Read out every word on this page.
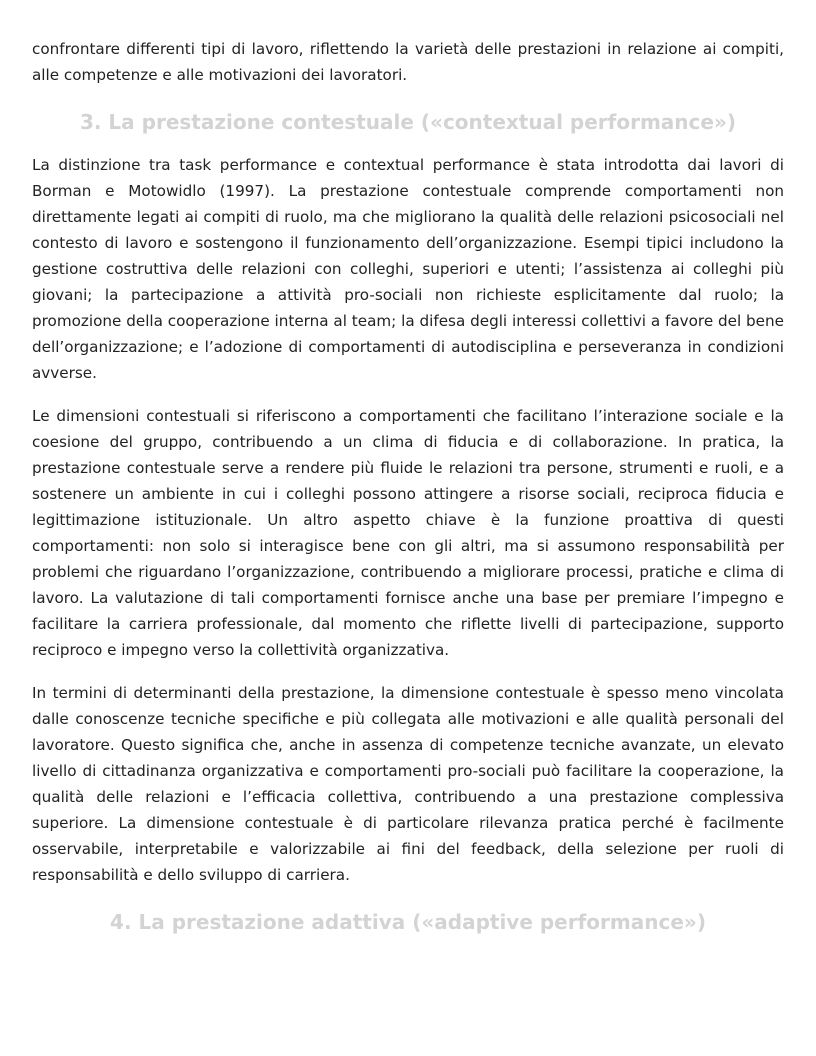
confrontare differenti tipi di lavoro, riflettendo la varietà delle prestazioni in relazione ai compiti, alle competenze e alle motivazioni dei lavoratori.

3. La prestazione contestuale («contextual performance»)

La distinzione tra task performance e contextual performance è stata introdotta dai lavori di Borman e Motowidlo (1997). La prestazione contestuale comprende comportamenti non direttamente legati ai compiti di ruolo, ma che migliorano la qualità delle relazioni psicosociali nel contesto di lavoro e sostengono il funzionamento dell’organizzazione. Esempi tipici includono la gestione costruttiva delle relazioni con colleghi, superiori e utenti; l’assistenza ai colleghi più giovani; la partecipazione a attività pro-sociali non richieste esplicitamente dal ruolo; la promozione della cooperazione interna al team; la difesa degli interessi collettivi a favore del bene dell’organizzazione; e l’adozione di comportamenti di autodisciplina e perseveranza in condizioni avverse.

Le dimensioni contestuali si riferiscono a comportamenti che facilitano l’interazione sociale e la coesione del gruppo, contribuendo a un clima di fiducia e di collaborazione. In pratica, la prestazione contestuale serve a rendere più fluide le relazioni tra persone, strumenti e ruoli, e a sostenere un ambiente in cui i colleghi possono attingere a risorse sociali, reciproca fiducia e legittimazione istituzionale. Un altro aspetto chiave è la funzione proattiva di questi comportamenti: non solo si interagisce bene con gli altri, ma si assumono responsabilità per problemi che riguardano l’organizzazione, contribuendo a migliorare processi, pratiche e clima di lavoro. La valutazione di tali comportamenti fornisce anche una base per premiare l’impegno e facilitare la carriera professionale, dal momento che riflette livelli di partecipazione, supporto reciproco e impegno verso la collettività organizzativa.

In termini di determinanti della prestazione, la dimensione contestuale è spesso meno vincolata dalle conoscenze tecniche specifiche e più collegata alle motivazioni e alle qualità personali del lavoratore. Questo significa che, anche in assenza di competenze tecniche avanzate, un elevato livello di cittadinanza organizzativa e comportamenti pro-sociali può facilitare la cooperazione, la qualità delle relazioni e l’efficacia collettiva, contribuendo a una prestazione complessiva superiore. La dimensione contestuale è di particolare rilevanza pratica perché è facilmente osservabile, interpretabile e valorizzabile ai fini del feedback, della selezione per ruoli di responsabilità e dello sviluppo di carriera.

4. La prestazione adattiva («adaptive performance»)
